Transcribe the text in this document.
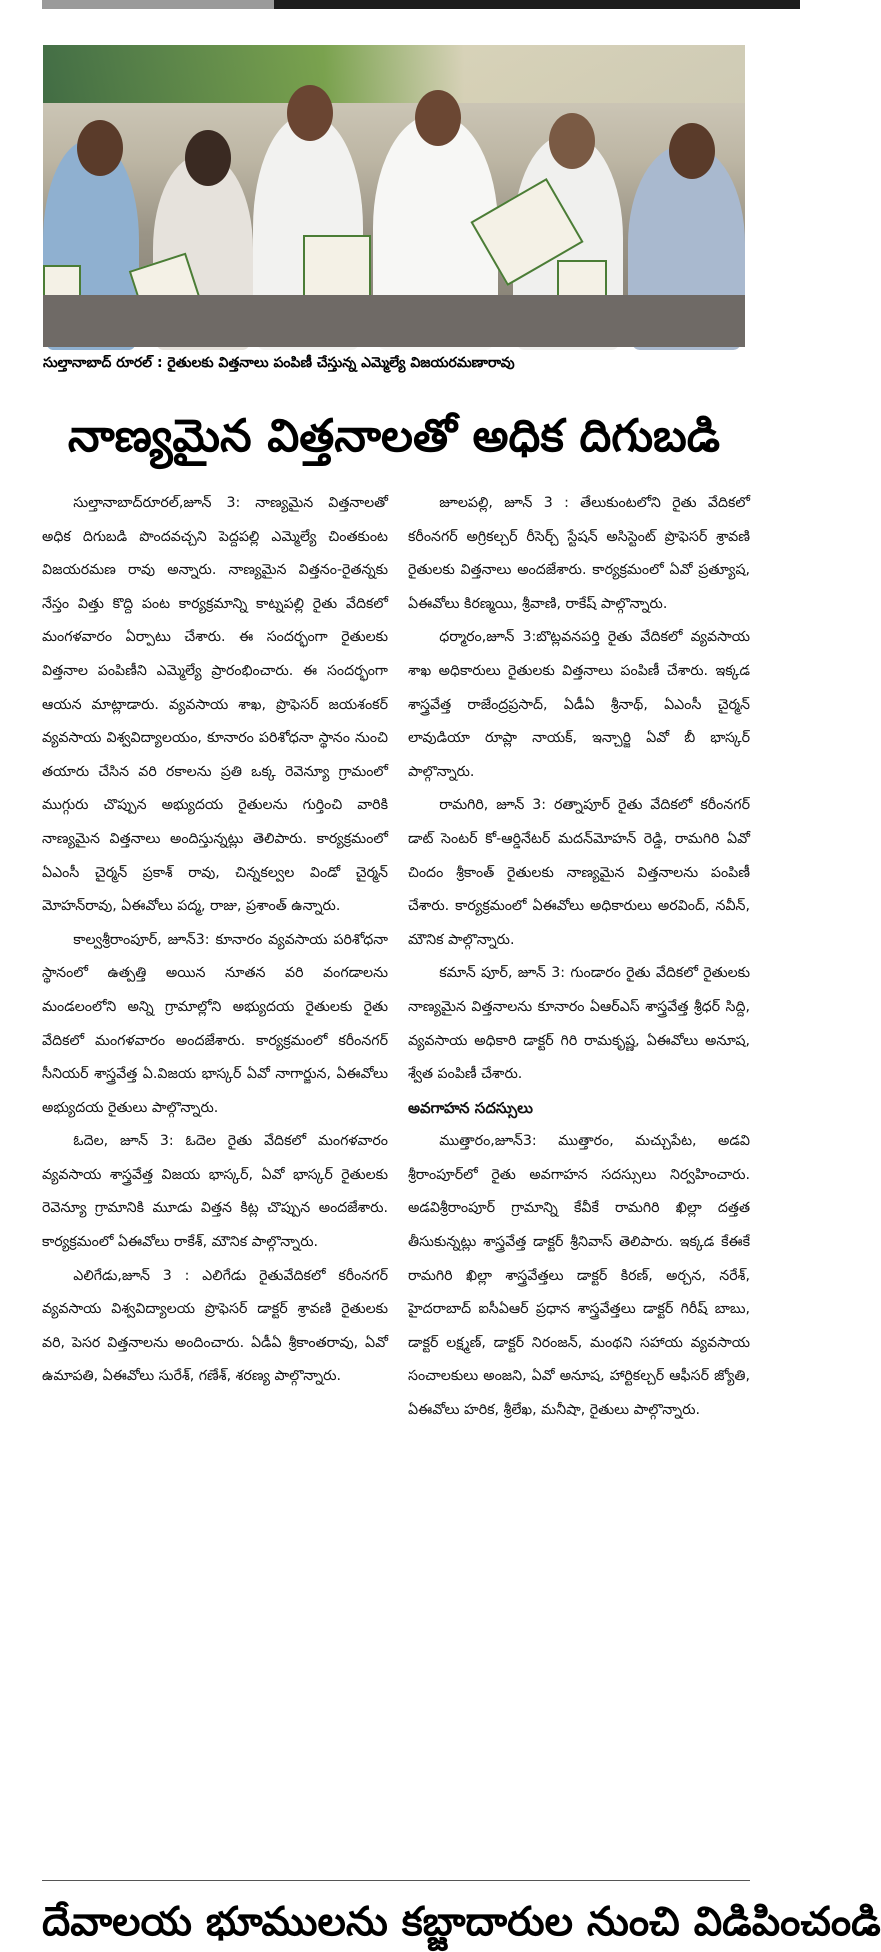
సుల్తానాబాద్ రూరల్ : రైతులకు విత్తనాలు పంపిణీ చేస్తున్న ఎమ్మెల్యే విజయరమణారావు
నాణ్యమైన విత్తనాలతో అధిక దిగుబడి

సుల్తానాబాద్‌రూరల్,జూన్ 3: నాణ్యమైన విత్తనాలతో అధిక దిగుబడి పొందవచ్చని పెద్దపల్లి ఎమ్మెల్యే చింతకుంట విజయరమణ రావు అన్నారు. నాణ్యమైన విత్తనం-రైతన్నకు నేస్తం విత్తు కొద్ది పంట కార్యక్రమాన్ని కాట్నపల్లి రైతు వేదికలో మంగళవారం ఏర్పాటు చేశారు. ఈ సందర్భంగా రైతులకు విత్తనాల పంపిణీని ఎమ్మెల్యే ప్రారంభించారు. ఈ సందర్భంగా ఆయన మాట్లాడారు. వ్యవసాయ శాఖ, ప్రొఫెసర్ జయశంకర్ వ్యవసాయ విశ్వవిద్యాలయం, కూనారం పరిశోధనా స్థానం నుంచి తయారు చేసిన వరి రకాలను ప్రతి ఒక్క రెవెన్యూ గ్రామంలో ముగ్గురు చొప్పున అభ్యుదయ రైతులను గుర్తించి వారికి నాణ్యమైన విత్తనాలు అందిస్తున్నట్లు తెలిపారు. కార్యక్రమంలో ఏఎంసీ చైర్మన్ ప్రకాశ్ రావు, చిన్నకల్వల విండో చైర్మన్ మోహన్‌రావు, ఏఈవోలు పద్మ, రాజు, ప్రశాంత్ ఉన్నారు.

కాల్వశ్రీరాంపూర్, జూన్3: కూనారం వ్యవసాయ పరిశోధనా స్థానంలో ఉత్పత్తి అయిన నూతన వరి వంగడాలను మండలంలోని అన్ని గ్రామాల్లోని అభ్యుదయ రైతులకు రైతు వేదికలో మంగళవారం అందజేశారు. కార్యక్రమంలో కరీంనగర్ సీనియర్ శాస్త్రవేత్త ఏ.విజయ భాస్కర్ ఏవో నాగార్జున, ఏఈవోలు అభ్యుదయ రైతులు పాల్గొన్నారు.

ఓదెల, జూన్ 3: ఓదెల రైతు వేదికలో మంగళవారం వ్యవసాయ శాస్త్రవేత్త విజయ భాస్కర్, ఏవో భాస్కర్ రైతులకు రెవెన్యూ గ్రామానికి మూడు విత్తన కిట్ల చొప్పున అందజేశారు. కార్యక్రమంలో ఏఈవోలు రాకేశ్, మౌనిక పాల్గొన్నారు.

ఎలిగేడు,జూన్ 3 : ఎలిగేడు రైతువేదికలో కరీంనగర్ వ్యవసాయ విశ్వవిద్యాలయ ప్రొఫెసర్ డాక్టర్ శ్రావణి రైతులకు వరి, పెసర విత్తనాలను అందించారు. ఏడీఏ శ్రీకాంతరావు, ఏవో ఉమాపతి, ఏఈవోలు సురేశ్, గణేశ్, శరణ్య పాల్గొన్నారు.

జూలపల్లి, జూన్ 3 : తేలుకుంటలోని రైతు వేదికలో కరీంనగర్ అగ్రికల్చర్ రీసెర్చ్ స్టేషన్ అసిస్టెంట్ ప్రొఫెసర్ శ్రావణి రైతులకు విత్తనాలు అందజేశారు. కార్యక్రమంలో ఏవో ప్రత్యూష, ఏఈవోలు కిరణ్మయి, శ్రీవాణి, రాకేష్ పాల్గొన్నారు.

ధర్మారం,జూన్ 3:బొట్లవనపర్తి రైతు వేదికలో వ్యవసాయ శాఖ అధికారులు రైతులకు విత్తనాలు పంపిణీ చేశారు. ఇక్కడ శాస్త్రవేత్త రాజేంద్రప్రసాద్, ఏడీఏ శ్రీనాథ్, ఏఎంసీ చైర్మన్ లావుడియా రూప్లా నాయక్, ఇన్చార్జి ఏవో బీ భాస్కర్ పాల్గొన్నారు.

రామగిరి, జూన్ 3: రత్నాపూర్ రైతు వేదికలో కరీంనగర్ డాట్ సెంటర్ కో-ఆర్డినేటర్ మదన్‌మోహన్ రెడ్డి, రామగిరి ఏవో చిందం శ్రీకాంత్ రైతులకు నాణ్యమైన విత్తనాలను పంపిణీ చేశారు. కార్యక్రమంలో ఏఈవోలు అధికారులు అరవింద్, నవీన్, మౌనిక పాల్గొన్నారు.

కమాన్ పూర్, జూన్ 3: గుండారం రైతు వేదికలో రైతులకు నాణ్యమైన విత్తనాలను కూనారం ఏఆర్ఎస్ శాస్త్రవేత్త శ్రీధర్ సిద్ది, వ్యవసాయ అధికారి డాక్టర్ గిరి రామకృష్ణ, ఏఈవోలు అనూష, శ్వేత పంపిణీ చేశారు.

అవగాహన సదస్సులు

ముత్తారం,జూన్3: ముత్తారం, మచ్చుపేట, అడవి శ్రీరాంపూర్‌లో రైతు అవగాహన సదస్సులు నిర్వహించారు. అడవిశ్రీరాంపూర్ గ్రామాన్ని కేవీకే రామగిరి ఖిల్లా దత్తత తీసుకున్నట్లు శాస్త్రవేత్త డాక్టర్ శ్రీనివాస్ తెలిపారు. ఇక్కడ కేఈకే రామగిరి ఖిల్లా శాస్త్రవేత్తలు డాక్టర్ కిరణ్, అర్చన, నరేశ్, హైదరాబాద్ ఐసీఏఆర్ ప్రధాన శాస్త్రవేత్తలు డాక్టర్ గిరీష్ బాబు, డాక్టర్ లక్ష్మణ్, డాక్టర్ నిరంజన్, మంథని సహాయ వ్యవసాయ సంచాలకులు అంజని, ఏవో అనూష, హార్టికల్చర్ ఆఫీసర్ జ్యోతి, ఏఈవోలు హరిక, శ్రీలేఖ, మనీషా, రైతులు పాల్గొన్నారు.

దేవాలయ భూములను కబ్జాదారుల నుంచి విడిపించండి
